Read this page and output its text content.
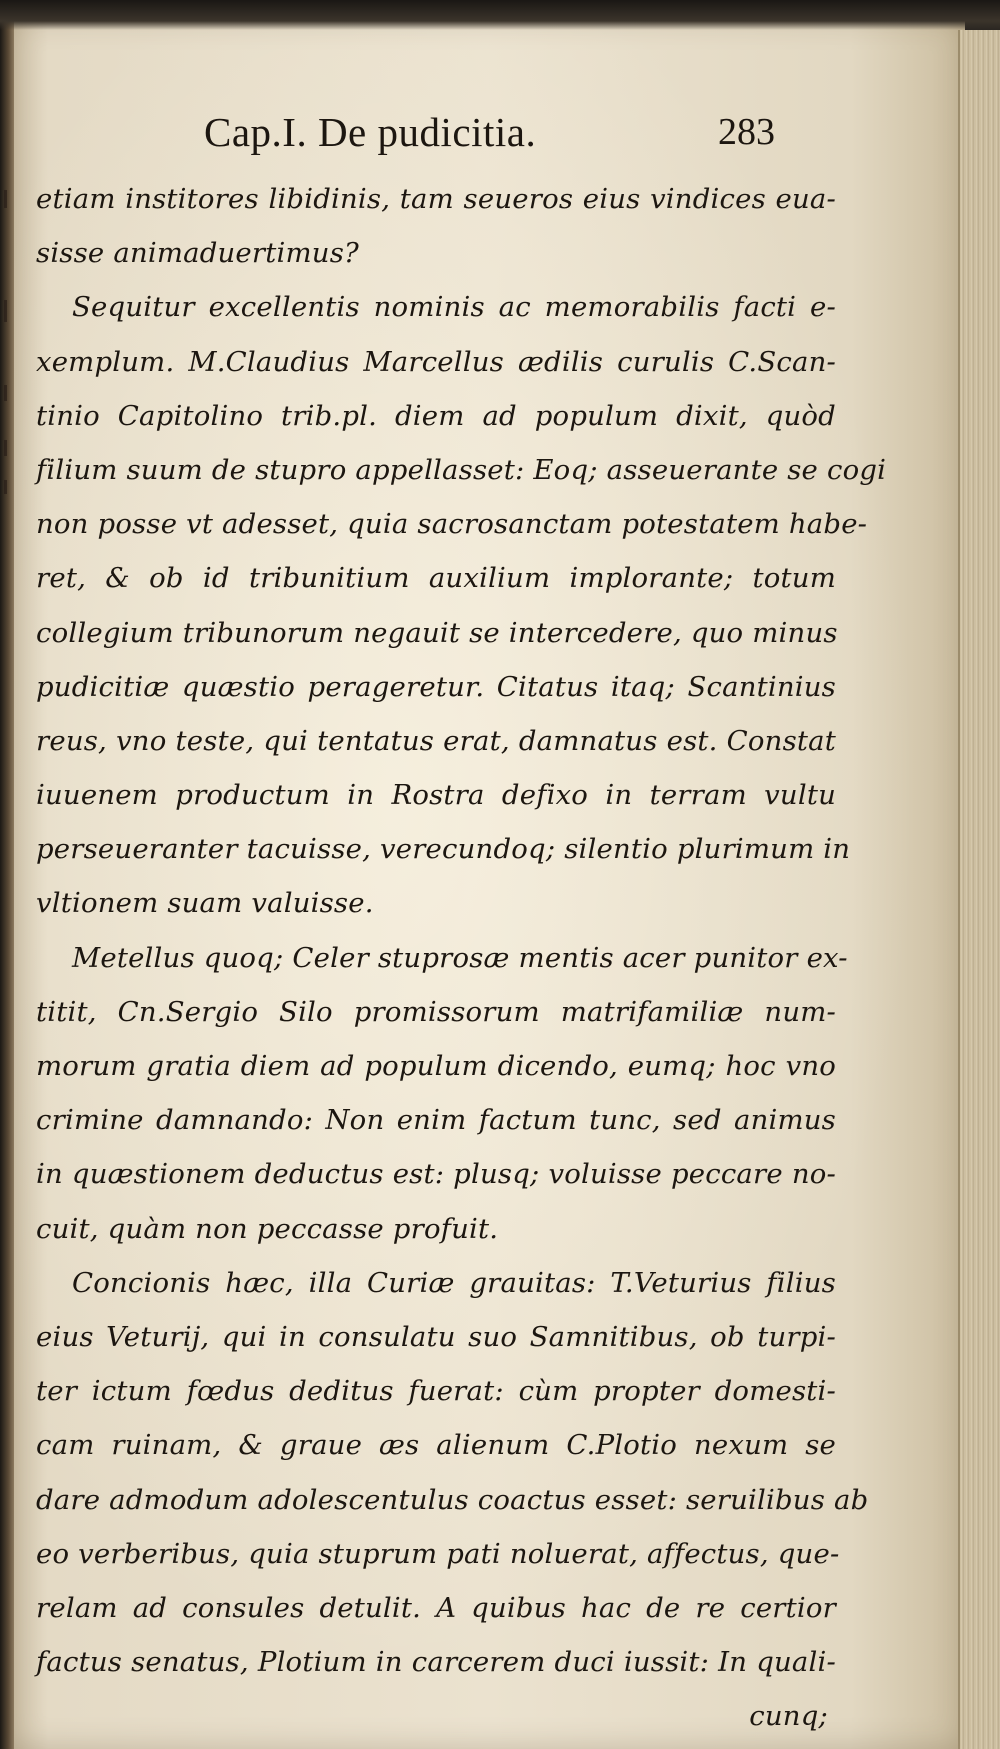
Cap.I. De pudicitia.	283
etiam institores libidinis, tam seueros eius vindices eua-
sisse animaduertimus?
Sequitur excellentis nominis ac memorabilis facti e-
xemplum. M.Claudius Marcellus ædilis curulis C.Scan-
tinio Capitolino trib.pl. diem ad populum dixit, quòd
filium suum de stupro appellasset: Eoq; asseuerante se cogi
non posse vt adesset, quia sacrosanctam potestatem habe-
ret, & ob id tribunitium auxilium implorante; totum
collegium tribunorum negauit se intercedere, quo minus
pudicitiæ quæstio perageretur. Citatus itaq; Scantinius
reus, vno teste, qui tentatus erat, damnatus est. Constat
iuuenem productum in Rostra defixo in terram vultu
perseueranter tacuisse, verecundoq; silentio plurimum in
vltionem suam valuisse.
Metellus quoq; Celer stuprosæ mentis acer punitor ex-
titit, Cn.Sergio Silo promissorum matrifamiliæ num-
morum gratia diem ad populum dicendo, eumq; hoc vno
crimine damnando: Non enim factum tunc, sed animus
in quæstionem deductus est: plusq; voluisse peccare no-
cuit, quàm non peccasse profuit.
Concionis hæc, illa Curiæ grauitas: T.Veturius filius
eius Veturij, qui in consulatu suo Samnitibus, ob turpi-
ter ictum fœdus deditus fuerat: cùm propter domesti-
cam ruinam, & graue æs alienum C.Plotio nexum se
dare admodum adolescentulus coactus esset: seruilibus ab
eo verberibus, quia stuprum pati noluerat, affectus, que-
relam ad consules detulit. A quibus hac de re certior
factus senatus, Plotium in carcerem duci iussit: In quali-
cunq;
